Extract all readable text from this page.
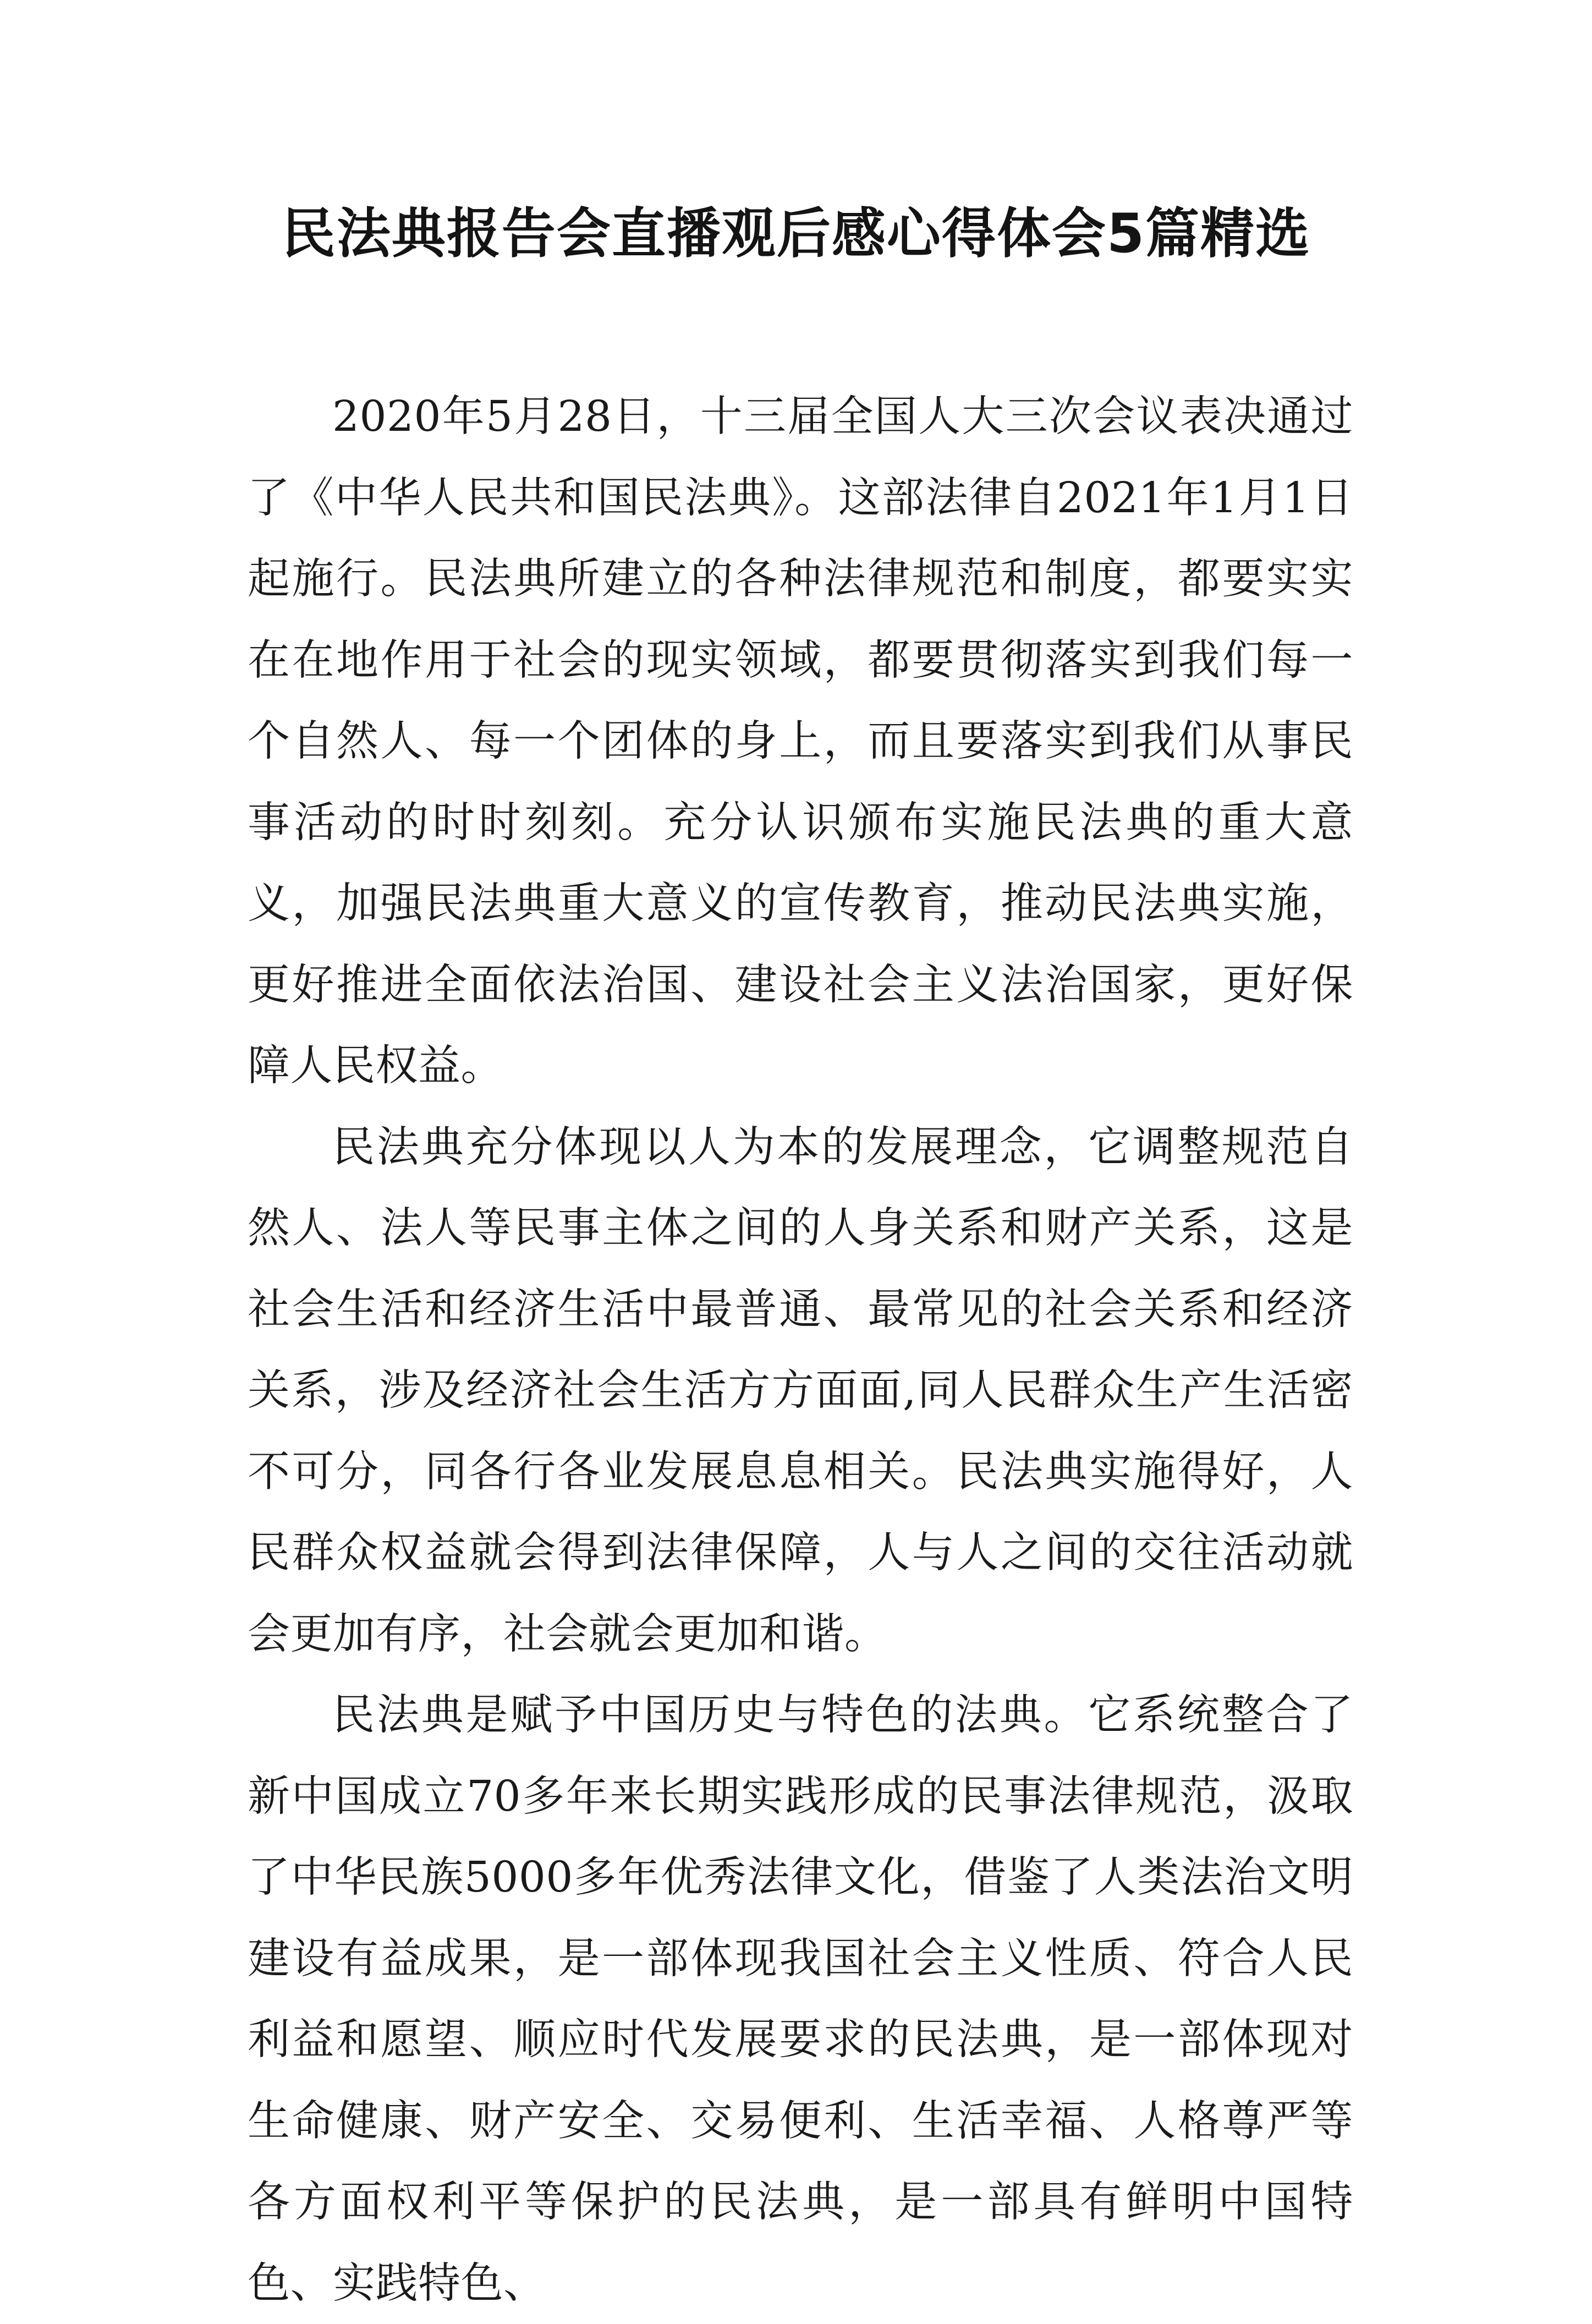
民法典报告会直播观后感心得体会5篇精选

2020年5月28日，十三届全国人大三次会议表决通过了《中华人民共和国民法典》。这部法律自2021年1月1日起施行。民法典所建立的各种法律规范和制度，都要实实在在地作用于社会的现实领域，都要贯彻落实到我们每一个自然人、每一个团体的身上，而且要落实到我们从事民事活动的时时刻刻。充分认识颁布实施民法典的重大意义，加强民法典重大意义的宣传教育，推动民法典实施，更好推进全面依法治国、建设社会主义法治国家，更好保障人民权益。

民法典充分体现以人为本的发展理念，它调整规范自然人、法人等民事主体之间的人身关系和财产关系，这是社会生活和经济生活中最普通、最常见的社会关系和经济关系，涉及经济社会生活方方面面,同人民群众生产生活密不可分，同各行各业发展息息相关。民法典实施得好，人民群众权益就会得到法律保障，人与人之间的交往活动就会更加有序，社会就会更加和谐。

民法典是赋予中国历史与特色的法典。它系统整合了新中国成立70多年来长期实践形成的民事法律规范，汲取了中华民族5000多年优秀法律文化，借鉴了人类法治文明建设有益成果，是一部体现我国社会主义性质、符合人民利益和愿望、顺应时代发展要求的民法典，是一部体现对生命健康、财产安全、交易便利、生活幸福、人格尊严等各方面权利平等保护的民法典，是一部具有鲜明中国特色、实践特色、
